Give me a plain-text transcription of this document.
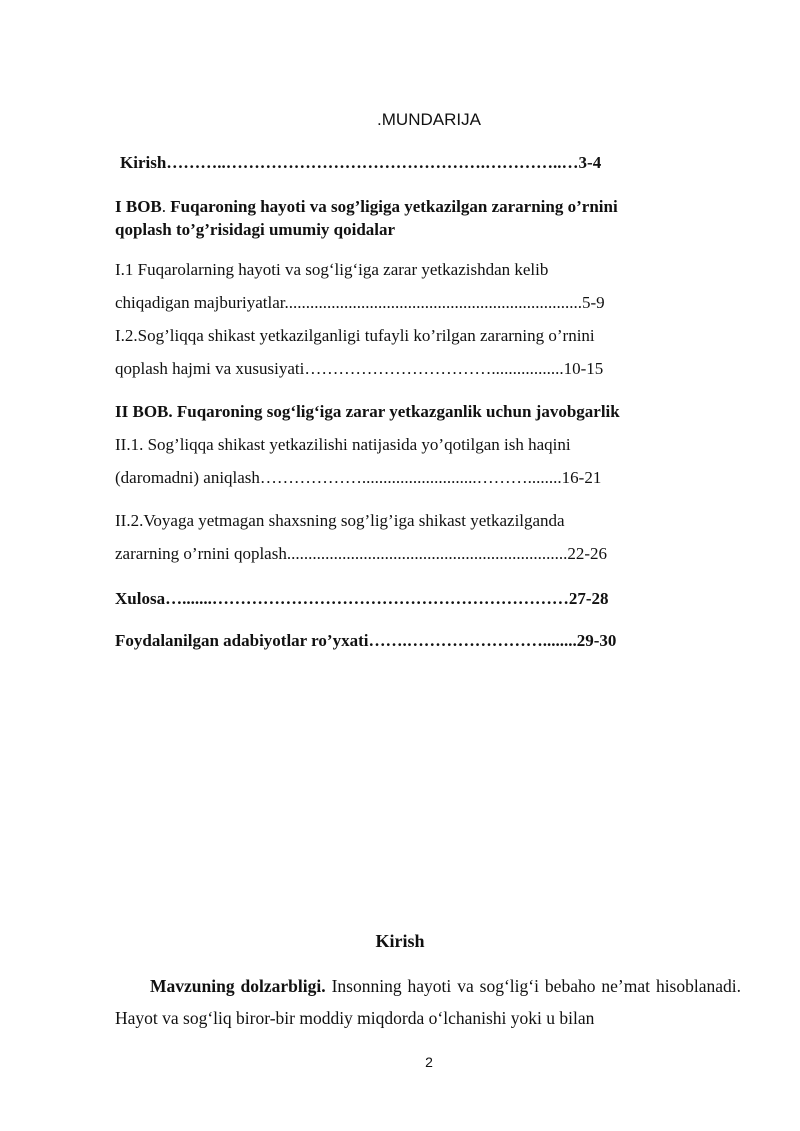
.MUNDARIJA
Kirish………..……………………………………….…………..…3-4
I BOB. Fuqaroning hayoti va sog’ligiga yetkazilgan zararning o’rnini
qoplash to’g’risidagi umumiy qoidalar
I.1 Fuqarolarning hayoti va sog‘lig‘iga zarar yetkazishdan kelib
chiqadigan majburiyatlar......................................................................5-9
I.2.Sog’liqqa shikast yetkazilganligi tufayli ko’rilgan zararning o’rnini
qoplash hajmi va xususiyati…………………………….................10-15
II BOB. Fuqaroning sog‘lig‘iga zarar yetkazganlik uchun javobgarlik
II.1. Sog’liqqa shikast yetkazilishi natijasida yo’qotilgan ish haqini
(daromadni) aniqlash………………...........................………........16-21
II.2.Voyaga yetmagan shaxsning sog’lig’iga shikast yetkazilganda
zararning o’rnini qoplash..................................................................22-26
Xulosa….......………………………………………………………27-28
Foydalanilgan adabiyotlar ro’yxati…….……………………........29-30
Kirish
Mavzuning dolzarbligi. Insonning hayoti va sog‘lig‘i bebaho ne’mat hisoblanadi. Hayot va sog‘liq biror-bir moddiy miqdorda o‘lchanishi yoki u bilan
2
